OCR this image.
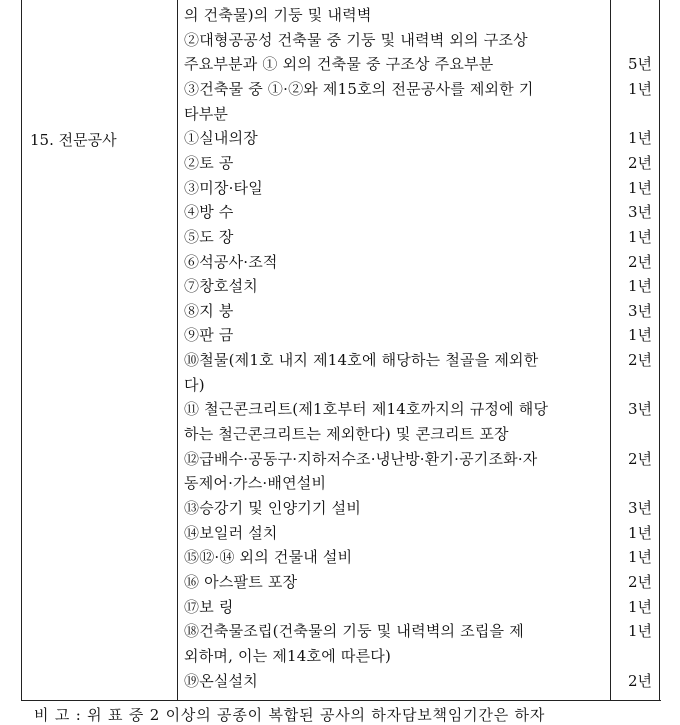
15. 전문공사
의 건축물)의 기둥 및 내력벽
②대형공공성 건축물 중 기둥 및 내력벽 외의 구조상
주요부분과 ① 외의 건축물 중 구조상 주요부분	5년
③건축물 중 ①·②와 제15호의 전문공사를 제외한 기	1년
타부분
①실내의장	1년
②토 공	2년
③미장·타일	1년
④방 수	3년
⑤도 장	1년
⑥석공사·조적	2년
⑦창호설치	1년
⑧지 붕	3년
⑨판 금	1년
⑩철물(제1호 내지 제14호에 해당하는 철골을 제외한	2년
다)
⑪ 철근콘크리트(제1호부터 제14호까지의 규정에 해당	3년
하는 철근콘크리트는 제외한다) 및 콘크리트 포장
⑫급배수·공동구·지하저수조·냉난방·환기·공기조화·자	2년
동제어·가스·배연설비
⑬승강기 및 인양기기 설비	3년
⑭보일러 설치	1년
⑮⑫·⑭ 외의 건물내 설비	1년
⑯ 아스팔트 포장	2년
⑰보 링	1년
⑱건축물조립(건축물의 기둥 및 내력벽의 조립을 제	1년
외하며, 이는 제14호에 따른다)
⑲온실설치	2년
비 고 : 위 표 중 2 이상의 공종이 복합된 공사의 하자담보책임기간은 하자
